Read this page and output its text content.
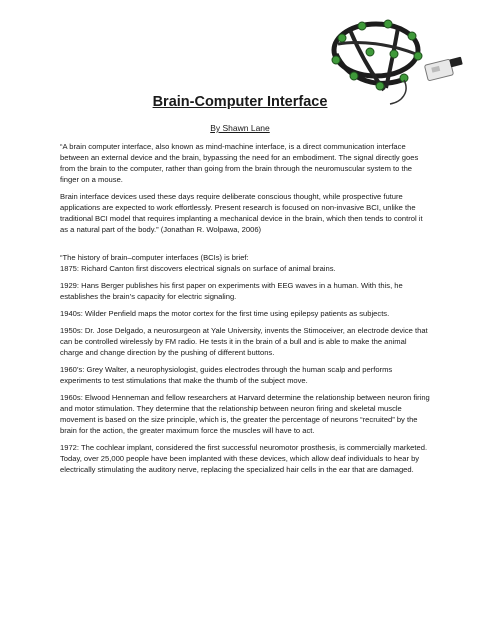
Brain-Computer Interface
By Shawn Lane

“A brain computer interface, also known as mind-machine interface, is a direct communication interface between an external device and the brain, bypassing the need for an embodiment. The signal directly goes from the brain to the computer, rather than going from the brain through the neuromuscular system to the finger on a mouse.

Brain interface devices used these days require deliberate conscious thought, while prospective future applications are expected to work effortlessly. Present research is focused on non-invasive BCI, unlike the traditional BCI model that requires implanting a mechanical device in the brain, which then tends to control it as a natural part of the body.” (Jonathan R. Wolpawa, 2006)

“The history of brain–computer interfaces (BCIs) is brief:

1875: Richard Canton first discovers electrical signals on surface of animal brains.

1929: Hans Berger publishes his first paper on experiments with EEG waves in a human. With this, he establishes the brain’s capacity for electric signaling.

1940s: Wilder Penfield maps the motor cortex for the first time using epilepsy patients as subjects.

1950s: Dr. Jose Delgado, a neurosurgeon at Yale University, invents the Stimoceiver, an electrode device that can be controlled wirelessly by FM radio. He tests it in the brain of a bull and is able to make the animal charge and change direction by the pushing of different buttons.

1960’s: Grey Walter, a neurophysiologist, guides electrodes through the human scalp and performs experiments to test stimulations that make the thumb of the subject move.

1960s: Elwood Henneman and fellow researchers at Harvard determine the relationship between neuron firing and motor stimulation. They determine that the relationship between neuron firing and skeletal muscle movement is based on the size principle, which is, the greater the percentage of neurons “recruited” by the brain for the action, the greater maximum force the muscles will have to act.

1972: The cochlear implant, considered the first successful neuromotor prosthesis, is commercially marketed. Today, over 25,000 people have been implanted with these devices, which allow deaf individuals to hear by electrically stimulating the auditory nerve, replacing the specialized hair cells in the ear that are damaged.
